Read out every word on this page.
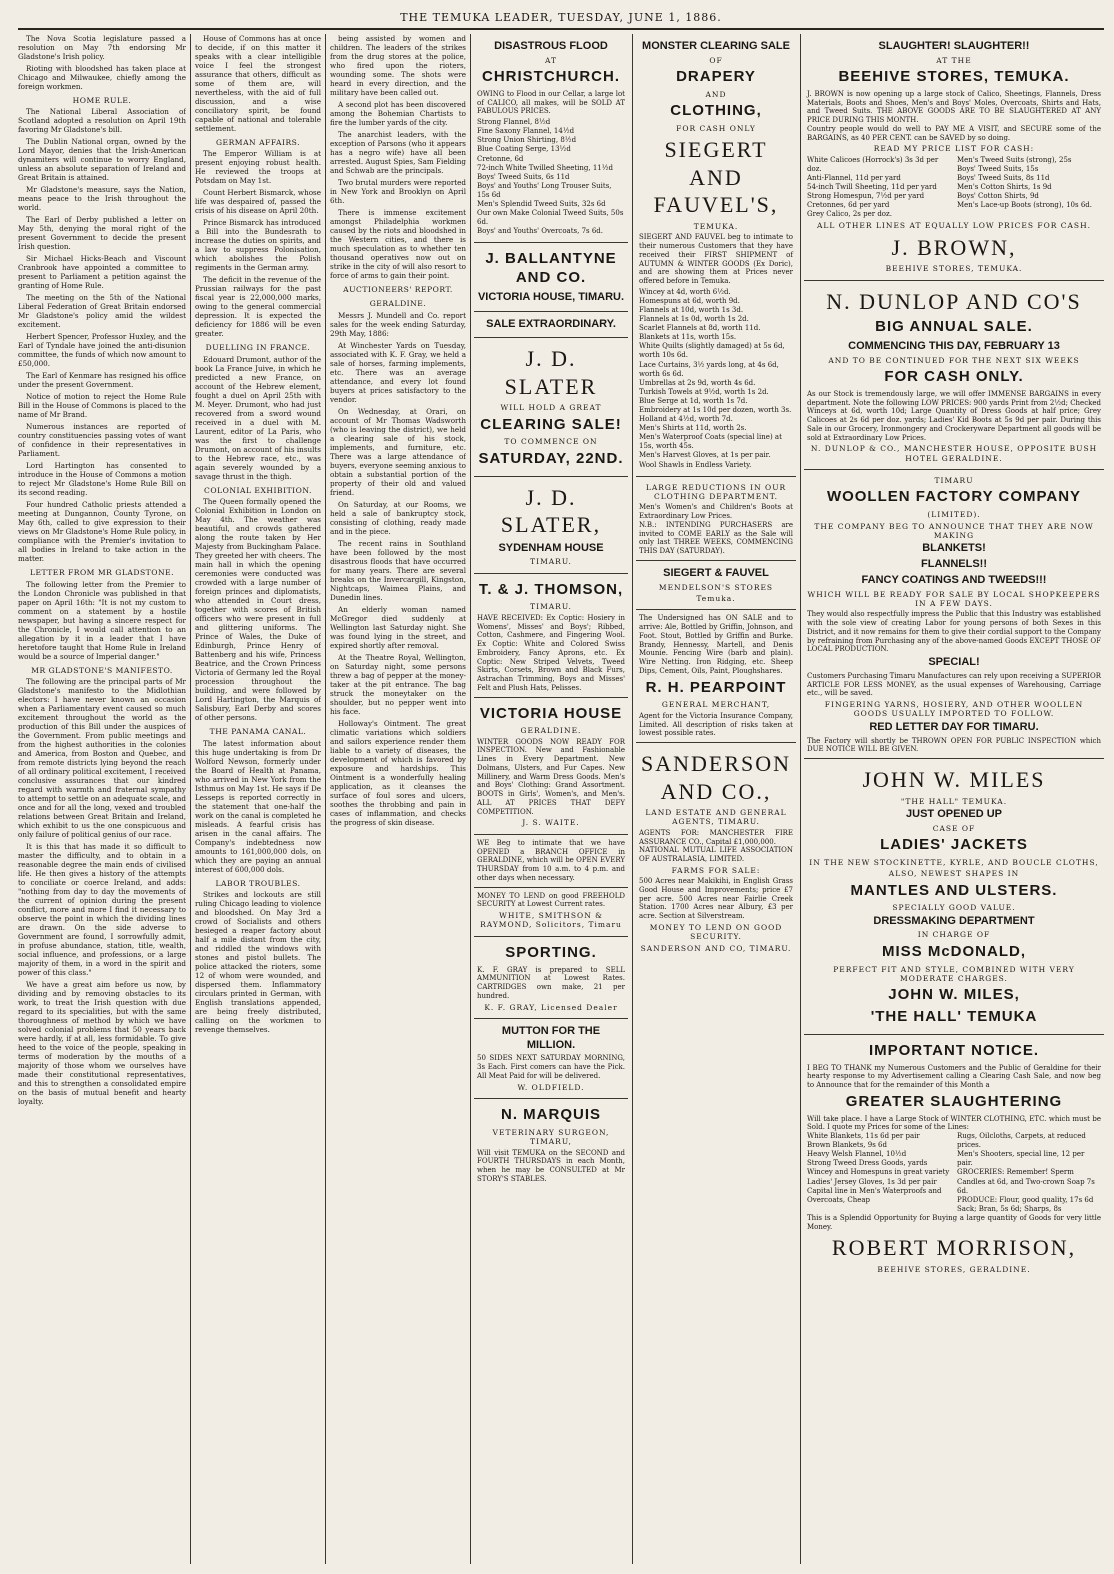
THE TEMUKA LEADER, TUESDAY, JUNE 1, 1886.

The Nova Scotia legislature passed a resolution on May 7th endorsing Mr Gladstone's Irish policy.

Rioting with bloodshed has taken place at Chicago and Milwaukee, chiefly among the foreign workmen.

HOME RULE.

The National Liberal Association of Scotland adopted a resolution on April 19th favoring Mr Gladstone's bill.

The Dublin National organ, owned by the Lord Mayor, denies that the Irish-American dynamiters will continue to worry England, unless an absolute separation of Ireland and Great Britain is attained.

Mr Gladstone's measure, says the Nation, means peace to the Irish throughout the world.

The Earl of Derby published a letter on May 5th, denying the moral right of the present Government to decide the present Irish question.

Sir Michael Hicks-Beach and Viscount Cranbrook have appointed a committee to present to Parliament a petition against the granting of Home Rule.

The meeting on the 5th of the National Liberal Federation of Great Britain endorsed Mr Gladstone's policy amid the wildest excitement.

Herbert Spencer, Professor Huxley, and the Earl of Tyndale have joined the anti-disunion committee, the funds of which now amount to £50,000.

The Earl of Kenmare has resigned his office under the present Government.

Notice of motion to reject the Home Rule Bill in the House of Commons is placed to the name of Mr Brand.

Numerous instances are reported of country constituencies passing votes of want of confidence in their representatives in Parliament.

Lord Hartington has consented to introduce in the House of Commons a motion to reject Mr Gladstone's Home Rule Bill on its second reading.

Four hundred Catholic priests attended a meeting at Dungannon, County Tyrone, on May 6th, called to give expression to their views on Mr Gladstone's Home Rule policy, in compliance with the Premier's invitation to all bodies in Ireland to take action in the matter.

LETTER FROM MR GLADSTONE.

The following letter from the Premier to the London Chronicle was published in that paper on April 16th: "It is not my custom to comment on a statement by a hostile newspaper, but having a sincere respect for the Chronicle, I would call attention to an allegation by it in a leader that I have heretofore taught that Home Rule in Ireland would be a source of Imperial danger."

MR GLADSTONE'S MANIFESTO.

The following are the principal parts of Mr Gladstone's manifesto to the Midlothian electors: I have never known an occasion when a Parliamentary event caused so much excitement throughout the world as the production of this Bill under the auspices of the Government. From public meetings and from the highest authorities in the colonies and America, from Boston and Quebec, and from remote districts lying beyond the reach of all ordinary political excitement, I received conclusive assurances that our kindred regard with warmth and fraternal sympathy to attempt to settle on an adequate scale, and once and for all the long, vexed and troubled relations between Great Britain and Ireland, which exhibit to us the one conspicuous and only failure of political genius of our race.

It is this that has made it so difficult to master the difficulty, and to obtain in a reasonable degree the main ends of civilised life. He then gives a history of the attempts to conciliate or coerce Ireland, and adds: "nothing from day to day the movements of the current of opinion during the present conflict, more and more I find it necessary to observe the point in which the dividing lines are drawn. On the side adverse to Government are found, I sorrowfully admit, in profuse abundance, station, title, wealth, social influence, and professions, or a large majority of them, in a word in the spirit and power of this class."

We have a great aim before us now, by dividing and by removing obstacles to its work, to treat the Irish question with due regard to its specialities, but with the same thoroughness of method by which we have solved colonial problems that 50 years back were hardly, if at all, less formidable. To give heed to the voice of the people, speaking in terms of moderation by the mouths of a majority of those whom we ourselves have made their constitutional representatives, and this to strengthen a consolidated empire on the basis of mutual benefit and hearty loyalty.

House of Commons has at once to decide, if on this matter it speaks with a clear intelligible voice I feel the strongest assurance that others, difficult as some of them are, will nevertheless, with the aid of full discussion, and a wise conciliatory spirit, be found capable of national and tolerable settlement.

GERMAN AFFAIRS.

The Emperor William is at present enjoying robust health. He reviewed the troops at Potsdam on May 1st.

Count Herbert Bismarck, whose life was despaired of, passed the crisis of his disease on April 20th.

Prince Bismarck has introduced a Bill into the Bundesrath to increase the duties on spirits, and a law to suppress Polonisation, which abolishes the Polish regiments in the German army.

The deficit in the revenue of the Prussian railways for the past fiscal year is 22,000,000 marks, owing to the general commercial depression. It is expected the deficiency for 1886 will be even greater.

DUELLING IN FRANCE.

Edouard Drumont, author of the book La France Juive, in which he predicted a new France, on account of the Hebrew element, fought a duel on April 25th with M. Meyer. Drumont, who had just recovered from a sword wound received in a duel with M. Laurent, editor of La Paris, who was the first to challenge Drumont, on account of his insults to the Hebrew race, etc., was again severely wounded by a savage thrust in the thigh.

COLONIAL EXHIBITION.

The Queen formally opened the Colonial Exhibition in London on May 4th. The weather was beautiful, and crowds gathered along the route taken by Her Majesty from Buckingham Palace. They greeted her with cheers. The main hall in which the opening ceremonies were conducted was crowded with a large number of foreign princes and diplomatists, who attended in Court dress, together with scores of British officers who were present in full and glittering uniforms. The Prince of Wales, the Duke of Edinburgh, Prince Henry of Battenberg and his wife, Princess Beatrice, and the Crown Princess Victoria of Germany led the Royal procession throughout the building, and were followed by Lord Hartington, the Marquis of Salisbury, Earl Derby and scores of other persons.

THE PANAMA CANAL.

The latest information about this huge undertaking is from Dr Wolford Newson, formerly under the Board of Health at Panama, who arrived in New York from the Isthmus on May 1st. He says if De Lesseps is reported correctly in the statement that one-half the work on the canal is completed he misleads. A fearful crisis has arisen in the canal affairs. The Company's indebtedness now amounts to 161,000,000 dols, on which they are paying an annual interest of 600,000 dols.

LABOR TROUBLES.

Strikes and lockouts are still ruling Chicago leading to violence and bloodshed. On May 3rd a crowd of Socialists and others besieged a reaper factory about half a mile distant from the city, and riddled the windows with stones and pistol bullets. The police attacked the rioters, some 12 of whom were wounded, and dispersed them. Inflammatory circulars printed in German, with English translations appended, are being freely distributed, calling on the workmen to revenge themselves.

being assisted by women and children. The leaders of the strikes from the drug stores at the police, who fired upon the rioters, wounding some. The shots were heard in every direction, and the military have been called out.

A second plot has been discovered among the Bohemian Chartists to fire the lumber yards of the city.

The anarchist leaders, with the exception of Parsons (who it appears has a negro wife) have all been arrested. August Spies, Sam Fielding and Schwab are the principals.

Two brutal murders were reported in New York and Brooklyn on April 6th.

There is immense excitement amongst Philadelphia workmen caused by the riots and bloodshed in the Western cities, and there is much speculation as to whether ten thousand operatives now out on strike in the city of will also resort to force of arms to gain their point.

AUCTIONEERS' REPORT.
GERALDINE.

Messrs J. Mundell and Co. report sales for the week ending Saturday, 29th May, 1886:

At Winchester Yards on Tuesday, associated with K. F. Gray, we held a sale of horses, farming implements, etc. There was an average attendance, and every lot found buyers at prices satisfactory to the vendor.

On Wednesday, at Orari, on account of Mr Thomas Wadsworth (who is leaving the district), we held a clearing sale of his stock, implements, and furniture, etc. There was a large attendance of buyers, everyone seeming anxious to obtain a substantial portion of the property of their old and valued friend.

On Saturday, at our Rooms, we held a sale of bankruptcy stock, consisting of clothing, ready made and in the piece.

The recent rains in Southland have been followed by the most disastrous floods that have occurred for many years. There are several breaks on the Invercargill, Kingston, Nightcaps, Waimea Plains, and Dunedin lines.

An elderly woman named McGregor died suddenly at Wellington last Saturday night. She was found lying in the street, and expired shortly after removal.

At the Theatre Royal, Wellington, on Saturday night, some persons threw a bag of pepper at the money-taker at the pit entrance. The bag struck the moneytaker on the shoulder, but no pepper went into his face.

Holloway's Ointment. The great climatic variations which soldiers and sailors experience render them liable to a variety of diseases, the development of which is favored by exposure and hardships. This Ointment is a wonderfully healing application, as it cleanses the surface of foul sores and ulcers, soothes the throbbing and pain in cases of inflammation, and checks the progress of skin disease.

DISASTROUS FLOOD
AT
CHRISTCHURCH.
OWING to Flood in our Cellar, a large lot of CALICO, all makes, will be SOLD AT FABULOUS PRICES.
Strong Flannel, 8½d
Fine Saxony Flannel, 14½d
Strong Union Shirting, 8½d
Blue Coating Serge, 13½d
Cretonne, 6d
72-inch White Twilled Sheeting, 11½d
Boys' Tweed Suits, 6s 11d
Boys' and Youths' Long Trouser Suits, 15s 6d
Men's Splendid Tweed Suits, 32s 6d
Our own Make Colonial Tweed Suits, 50s 6d.
Boys' and Youths' Overcoats, 7s 6d.
J. BALLANTYNE AND CO.
VICTORIA HOUSE, TIMARU.
SALE EXTRAORDINARY.
J. D. SLATER
WILL HOLD A GREAT
CLEARING SALE!
TO COMMENCE ON
SATURDAY, 22ND.
J. D. SLATER,
SYDENHAM HOUSE
TIMARU.
T. & J. THOMSON,
TIMARU.
HAVE RECEIVED: Ex Coptic: Hosiery in Womens', Misses' and Boys'; Ribbed, Cotton, Cashmere, and Fingering Wool. Ex Coptic: White and Colored Swiss Embroidery, Fancy Aprons, etc. Ex Coptic: New Striped Velvets, Tweed Skirts, Corsets, Brown and Black Furs, Astrachan Trimming, Boys and Misses' Felt and Plush Hats, Pelisses.
VICTORIA HOUSE
GERALDINE.
WINTER GOODS NOW READY FOR INSPECTION. New and Fashionable Lines in Every Department. New Dolmans, Ulsters, and Fur Capes. New Millinery, and Warm Dress Goods. Men's and Boys' Clothing: Grand Assortment. BOOTS in Girls', Women's, and Men's. ALL AT PRICES THAT DEFY COMPETITION.
J. S. WAITE.
WE Beg to intimate that we have OPENED a BRANCH OFFICE in GERALDINE, which will be OPEN EVERY THURSDAY from 10 a.m. to 4 p.m. and other days when necessary.
MONEY TO LEND on good FREEHOLD SECURITY at Lowest Current rates.
WHITE, SMITHSON & RAYMOND, Solicitors, Timaru
SPORTING.
K. F. GRAY is prepared to SELL AMMUNITION at Lowest Rates. CARTRIDGES own make, 21 per hundred.
K. F. GRAY, Licensed Dealer
MUTTON FOR THE MILLION.
50 SIDES NEXT SATURDAY MORNING, 3s Each. First comers can have the Pick. All Meat Paid for will be delivered.
W. OLDFIELD.
N. MARQUIS
VETERINARY SURGEON, TIMARU,
Will visit TEMUKA on the SECOND and FOURTH THURSDAYS in each Month, when he may be CONSULTED at Mr STORY'S STABLES.
MONSTER CLEARING SALE
OF
DRAPERY
AND
CLOTHING,
FOR CASH ONLY
SIEGERT AND FAUVEL'S,
TEMUKA.
SIEGERT AND FAUVEL beg to intimate to their numerous Customers that they have received their FIRST SHIPMENT of AUTUMN & WINTER GOODS (Ex Doric), and are showing them at Prices never offered before in Temuka.
Wincey at 4d, worth 6½d.
Homespuns at 6d, worth 9d.
Flannels at 10d, worth 1s 3d.
Flannels at 1s 0d, worth 1s 2d.
Scarlet Flannels at 8d, worth 11d.
Blankets at 11s, worth 15s.
White Quilts (slightly damaged) at 5s 6d, worth 10s 6d.
Lace Curtains, 3½ yards long, at 4s 6d, worth 6s 6d.
Umbrellas at 2s 9d, worth 4s 6d.
Turkish Towels at 9½d, worth 1s 2d.
Blue Serge at 1d, worth 1s 7d.
Embroidery at 1s 10d per dozen, worth 3s.
Holland at 4½d, worth 7d.
Men's Shirts at 11d, worth 2s.
Men's Waterproof Coats (special line) at 15s, worth 45s.
Men's Harvest Gloves, at 1s per pair.
Wool Shawls in Endless Variety.
LARGE REDUCTIONS IN OUR CLOTHING DEPARTMENT.
Men's Women's and Children's Boots at Extraordinary Low Prices.
N.B.: INTENDING PURCHASERS are invited to COME EARLY as the Sale will only last THREE WEEKS, COMMENCING THIS DAY (SATURDAY).
SIEGERT & FAUVEL
MENDELSON'S STORES
Temuka.
The Undersigned has ON SALE and to arrive: Ale, Bottled by Griffin, Johnson, and Foot. Stout, Bottled by Griffin and Burke. Brandy, Hennessy, Martell, and Denis Mounie. Fencing Wire (barb and plain). Wire Netting. Iron Ridging, etc. Sheep Dips, Cement, Oils, Paint, Ploughshares.
R. H. PEARPOINT
GENERAL MERCHANT,
Agent for the Victoria Insurance Company, Limited. All description of risks taken at lowest possible rates.
SANDERSON AND CO.,
LAND ESTATE AND GENERAL AGENTS, TIMARU.
AGENTS FOR: MANCHESTER FIRE ASSURANCE CO., Capital £1,000,000.
NATIONAL MUTUAL LIFE ASSOCIATION OF AUSTRALASIA, LIMITED.
FARMS FOR SALE:
500 Acres near Makikihi, in English Grass Good House and Improvements; price £7 per acre. 500 Acres near Fairlie Creek Station. 1700 Acres near Albury, £3 per acre. Section at Silverstream.
MONEY TO LEND ON GOOD SECURITY.
SANDERSON AND CO, TIMARU.
SLAUGHTER! SLAUGHTER!!
AT THE
BEEHIVE STORES, TEMUKA.
J. BROWN is now opening up a large stock of Calico, Sheetings, Flannels, Dress Materials, Boots and Shoes, Men's and Boys' Moles, Overcoats, Shirts and Hats, and Tweed Suits. THE ABOVE GOODS ARE TO BE SLAUGHTERED AT ANY PRICE DURING THIS MONTH.
Country people would do well to PAY ME A VISIT, and SECURE some of the BARGAINS, as 40 PER CENT. can be SAVED by so doing.
READ MY PRICE LIST FOR CASH:
White Calicoes (Horrock's) 3s 3d per doz.
Anti-Flannel, 11d per yard
54-inch Twill Sheeting, 11d per yard
Strong Homespun, 7½d per yard
Cretonnes, 6d per yard
Grey Calico, 2s per doz.
Men's Tweed Suits (strong), 25s
Boys' Tweed Suits, 15s
Boys' Tweed Suits, 8s 11d
Men's Cotton Shirts, 1s 9d
Boys' Cotton Shirts, 9d
Men's Lace-up Boots (strong), 10s 6d.
ALL OTHER LINES AT EQUALLY LOW PRICES FOR CASH.
J. BROWN,
BEEHIVE STORES, TEMUKA.
N. DUNLOP AND CO'S
BIG ANNUAL SALE.
COMMENCING THIS DAY, FEBRUARY 13
AND TO BE CONTINUED FOR THE NEXT SIX WEEKS
FOR CASH ONLY.
As our Stock is tremendously large, we will offer IMMENSE BARGAINS in every department. Note the following LOW PRICES: 900 yards Print from 2½d; Checked Winceys at 6d, worth 10d; Large Quantity of Dress Goods at half price; Grey Calicoes at 2s 6d per doz. yards; Ladies' Kid Boots at 5s 9d per pair. During this Sale in our Grocery, Ironmongery and Crockeryware Department all goods will be sold at Extraordinary Low Prices.
N. DUNLOP & CO., MANCHESTER HOUSE, OPPOSITE BUSH HOTEL GERALDINE.
TIMARU
WOOLLEN FACTORY COMPANY
(LIMITED).
THE COMPANY BEG TO ANNOUNCE THAT THEY ARE NOW MAKING
BLANKETS!
FLANNELS!!
FANCY COATINGS AND TWEEDS!!!
WHICH WILL BE READY FOR SALE BY LOCAL SHOPKEEPERS IN A FEW DAYS.
They would also respectfully impress the Public that this Industry was established with the sole view of creating Labor for young persons of both Sexes in this District, and it now remains for them to give their cordial support to the Company by refraining from Purchasing any of the above-named Goods EXCEPT THOSE OF LOCAL PRODUCTION.
SPECIAL!
Customers Purchasing Timaru Manufactures can rely upon receiving a SUPERIOR ARTICLE FOR LESS MONEY, as the usual expenses of Warehousing, Carriage etc., will be saved.
FINGERING YARNS, HOSIERY, AND OTHER WOOLLEN GOODS USUALLY IMPORTED TO FOLLOW.
RED LETTER DAY FOR TIMARU.
The Factory will shortly be THROWN OPEN FOR PUBLIC INSPECTION which DUE NOTICE WILL BE GIVEN.
JOHN W. MILES
"THE HALL" TEMUKA.
JUST OPENED UP
CASE OF
LADIES' JACKETS
IN THE NEW STOCKINETTE, KYRLE, AND BOUCLE CLOTHS,
ALSO, NEWEST SHAPES IN
MANTLES AND ULSTERS.
SPECIALLY GOOD VALUE.
DRESSMAKING DEPARTMENT
IN CHARGE OF
MISS McDONALD,
PERFECT FIT AND STYLE, COMBINED WITH VERY MODERATE CHARGES.
JOHN W. MILES,
'THE HALL' TEMUKA
IMPORTANT NOTICE.
I BEG TO THANK my Numerous Customers and the Public of Geraldine for their hearty response to my Advertisement calling a Clearing Cash Sale, and now beg to Announce that for the remainder of this Month a
GREATER SLAUGHTERING
Will take place. I have a Large Stock of WINTER CLOTHING, ETC. which must be Sold. I quote my Prices for some of the Lines:
White Blankets, 11s 6d per pair
Brown Blankets, 9s 6d
Heavy Welsh Flannel, 10½d
Strong Tweed Dress Goods, yards
Wincey and Homespuns in great variety
Ladies' Jersey Gloves, 1s 3d per pair
Capital line in Men's Waterproofs and Overcoats, Cheap
Rugs, Oilcloths, Carpets, at reduced prices.
Men's Shooters, special line, 12 per pair.
GROCERIES: Remember! Sperm Candles at 6d, and Two-crown Soap 7s 6d.
PRODUCE: Flour, good quality, 17s 6d Sack; Bran, 5s 6d; Sharps, 8s
This is a Splendid Opportunity for Buying a large quantity of Goods for very little Money.
ROBERT MORRISON,
BEEHIVE STORES, GERALDINE.
